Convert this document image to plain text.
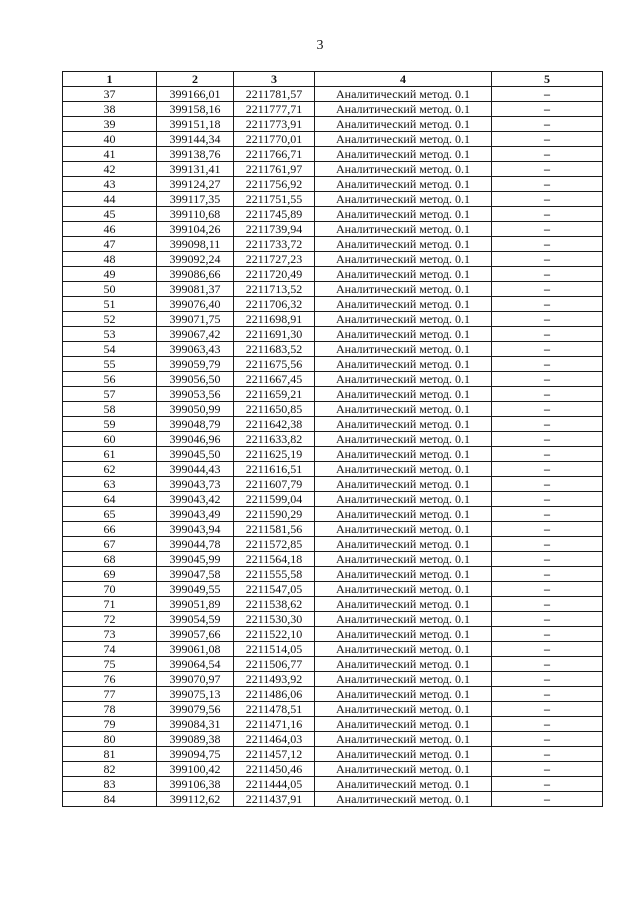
3
1	2	3	4	5
37	399166,01	2211781,57	Аналитический метод. 0.1	–
38	399158,16	2211777,71	Аналитический метод. 0.1	–
39	399151,18	2211773,91	Аналитический метод. 0.1	–
40	399144,34	2211770,01	Аналитический метод. 0.1	–
41	399138,76	2211766,71	Аналитический метод. 0.1	–
42	399131,41	2211761,97	Аналитический метод. 0.1	–
43	399124,27	2211756,92	Аналитический метод. 0.1	–
44	399117,35	2211751,55	Аналитический метод. 0.1	–
45	399110,68	2211745,89	Аналитический метод. 0.1	–
46	399104,26	2211739,94	Аналитический метод. 0.1	–
47	399098,11	2211733,72	Аналитический метод. 0.1	–
48	399092,24	2211727,23	Аналитический метод. 0.1	–
49	399086,66	2211720,49	Аналитический метод. 0.1	–
50	399081,37	2211713,52	Аналитический метод. 0.1	–
51	399076,40	2211706,32	Аналитический метод. 0.1	–
52	399071,75	2211698,91	Аналитический метод. 0.1	–
53	399067,42	2211691,30	Аналитический метод. 0.1	–
54	399063,43	2211683,52	Аналитический метод. 0.1	–
55	399059,79	2211675,56	Аналитический метод. 0.1	–
56	399056,50	2211667,45	Аналитический метод. 0.1	–
57	399053,56	2211659,21	Аналитический метод. 0.1	–
58	399050,99	2211650,85	Аналитический метод. 0.1	–
59	399048,79	2211642,38	Аналитический метод. 0.1	–
60	399046,96	2211633,82	Аналитический метод. 0.1	–
61	399045,50	2211625,19	Аналитический метод. 0.1	–
62	399044,43	2211616,51	Аналитический метод. 0.1	–
63	399043,73	2211607,79	Аналитический метод. 0.1	–
64	399043,42	2211599,04	Аналитический метод. 0.1	–
65	399043,49	2211590,29	Аналитический метод. 0.1	–
66	399043,94	2211581,56	Аналитический метод. 0.1	–
67	399044,78	2211572,85	Аналитический метод. 0.1	–
68	399045,99	2211564,18	Аналитический метод. 0.1	–
69	399047,58	2211555,58	Аналитический метод. 0.1	–
70	399049,55	2211547,05	Аналитический метод. 0.1	–
71	399051,89	2211538,62	Аналитический метод. 0.1	–
72	399054,59	2211530,30	Аналитический метод. 0.1	–
73	399057,66	2211522,10	Аналитический метод. 0.1	–
74	399061,08	2211514,05	Аналитический метод. 0.1	–
75	399064,54	2211506,77	Аналитический метод. 0.1	–
76	399070,97	2211493,92	Аналитический метод. 0.1	–
77	399075,13	2211486,06	Аналитический метод. 0.1	–
78	399079,56	2211478,51	Аналитический метод. 0.1	–
79	399084,31	2211471,16	Аналитический метод. 0.1	–
80	399089,38	2211464,03	Аналитический метод. 0.1	–
81	399094,75	2211457,12	Аналитический метод. 0.1	–
82	399100,42	2211450,46	Аналитический метод. 0.1	–
83	399106,38	2211444,05	Аналитический метод. 0.1	–
84	399112,62	2211437,91	Аналитический метод. 0.1	–
